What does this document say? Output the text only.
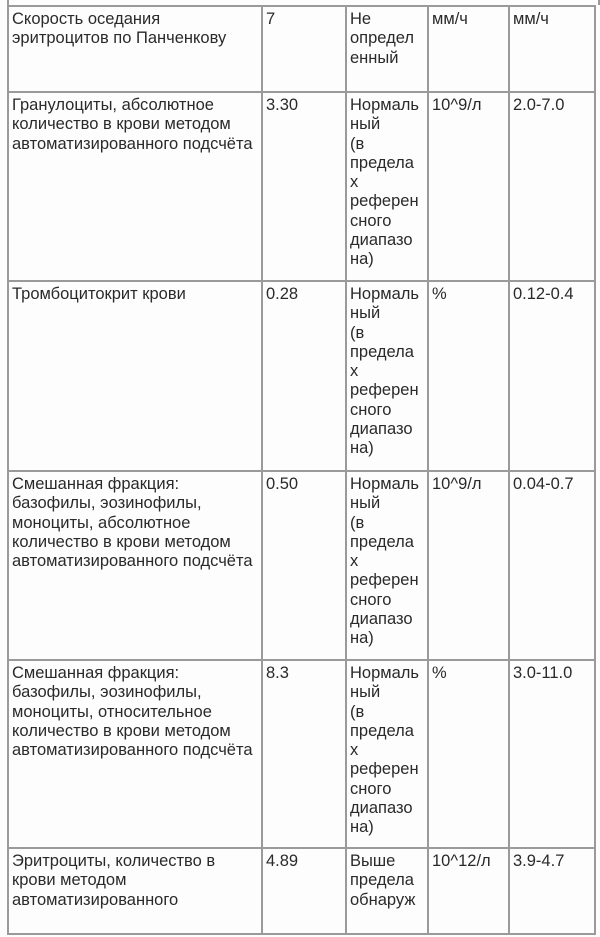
Скорость оседания эритроцитов по Панченкову	7	Не
определ
енный	мм/ч	мм/ч
Гранулоциты, абсолютное количество в крови методом автоматизированного подсчёта	3.30	Нормаль
ный
(в
предела
х
референ
сного
диапазо
на)	10^9/л	2.0-7.0
Тромбоцитокрит крови	0.28	Нормаль
ный
(в
предела
х
референ
сного
диапазо
на)	%	0.12-0.4
Смешанная фракция: базофилы, эозинофилы, моноциты, абсолютное количество в крови методом автоматизированного подсчёта	0.50	Нормаль
ный
(в
предела
х
референ
сного
диапазо
на)	10^9/л	0.04-0.7
Смешанная фракция: базофилы, эозинофилы, моноциты, относительное количество в крови методом автоматизированного подсчёта	8.3	Нормаль
ный
(в
предела
х
референ
сного
диапазо
на)	%	3.0-11.0
Эритроциты, количество в крови методом автоматизированного	4.89	Выше
предела
обнаруж	10^12/л	3.9-4.7
